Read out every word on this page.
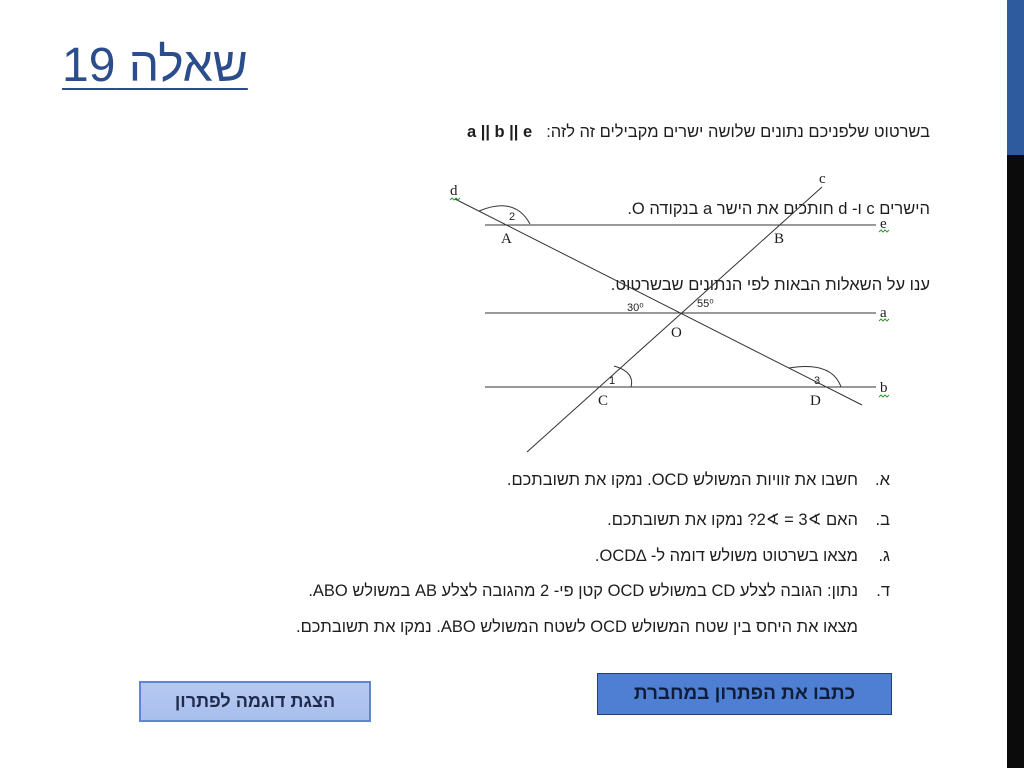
שאלה 19

בשרטוט שלפניכם נתונים שלושה ישרים מקבילים זה לזה:a || b || e

הישרים c ו- d חותכים את הישר a בנקודה O.

ענו על השאלות הבאות לפי הנתונים שבשרטוט.

d
c
e
a
b
A	B
O
C	D
2
30⁰	55⁰
1	3
א.חשבו את זוויות המשולש OCD. נמקו את תשובתכם.
ב.האם ∢3 = ∢2? נמקו את תשובתכם.
ג.מצאו בשרטוט משולש דומה ל- ∆OCD.
ד.נתון: הגובה לצלע CD במשולש OCD קטן פי- 2 מהגובה לצלע AB במשולש ABO.
מצאו את היחס בין שטח המשולש OCD לשטח המשולש ABO. נמקו את תשובתכם.
כתבו את הפתרון במחברת
הצגת דוגמה לפתרון
